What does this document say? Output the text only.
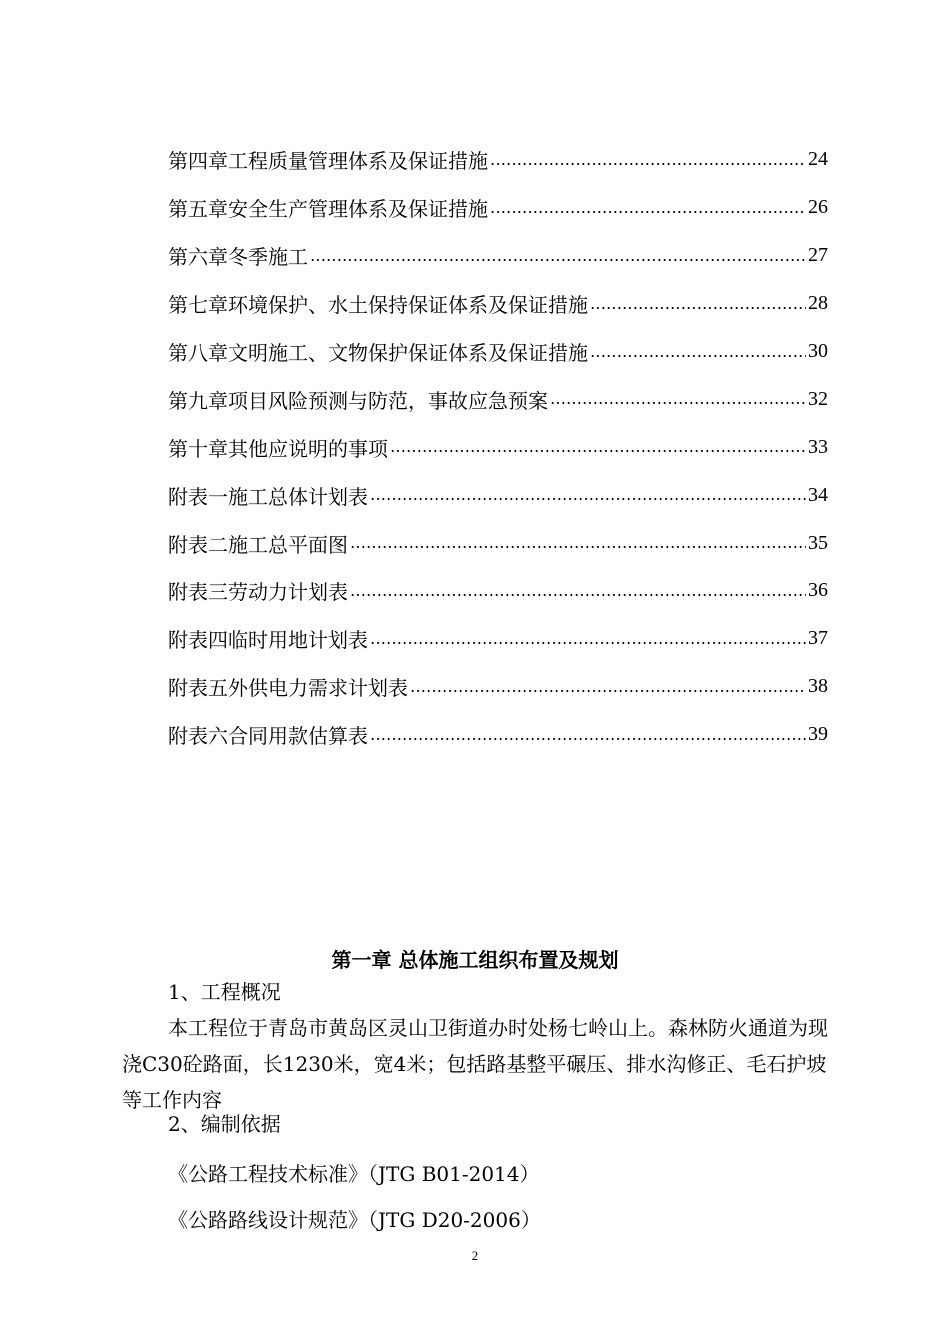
第四章 工程质量管理体系及保证措施 ……………………………………………………………………………………………………………………………………	24
第五章 安全生产管理体系及保证措施 ……………………………………………………………………………………………………………………………………	26
第六章 冬季施工 ……………………………………………………………………………………………………………………………………	27
第七章 环境保护、水土保持保证体系及保证措施 ……………………………………………………………………………………………………………………………………	28
第八章 文明施工、文物保护保证体系及保证措施 ……………………………………………………………………………………………………………………………………	30
第九章 项目风险预测与防范，事故应急预案 ……………………………………………………………………………………………………………………………………	32
第十章 其他应说明的事项 ……………………………………………………………………………………………………………………………………	33
附表一 施工总体计划表 ……………………………………………………………………………………………………………………………………	34
附表二 施工总平面图 ……………………………………………………………………………………………………………………………………	35
附表三 劳动力计划表 ……………………………………………………………………………………………………………………………………	36
附表四 临时用地计划表 ……………………………………………………………………………………………………………………………………	37
附表五 外供电力需求计划表 ……………………………………………………………………………………………………………………………………	38
附表六 合同用款估算表 ……………………………………………………………………………………………………………………………………	39
第一章 总体施工组织布置及规划
1、工程概况
本工程位于青岛市黄岛区灵山卫街道办时处杨七岭山上。森林防火通道为现浇C30砼路面，长1230米，宽4米；包括路基整平碾压、排水沟修正、毛石护坡等工作内容
2、编制依据
《公路工程技术标准》（JTG B01-2014）
《公路路线设计规范》（JTG D20-2006）
2
